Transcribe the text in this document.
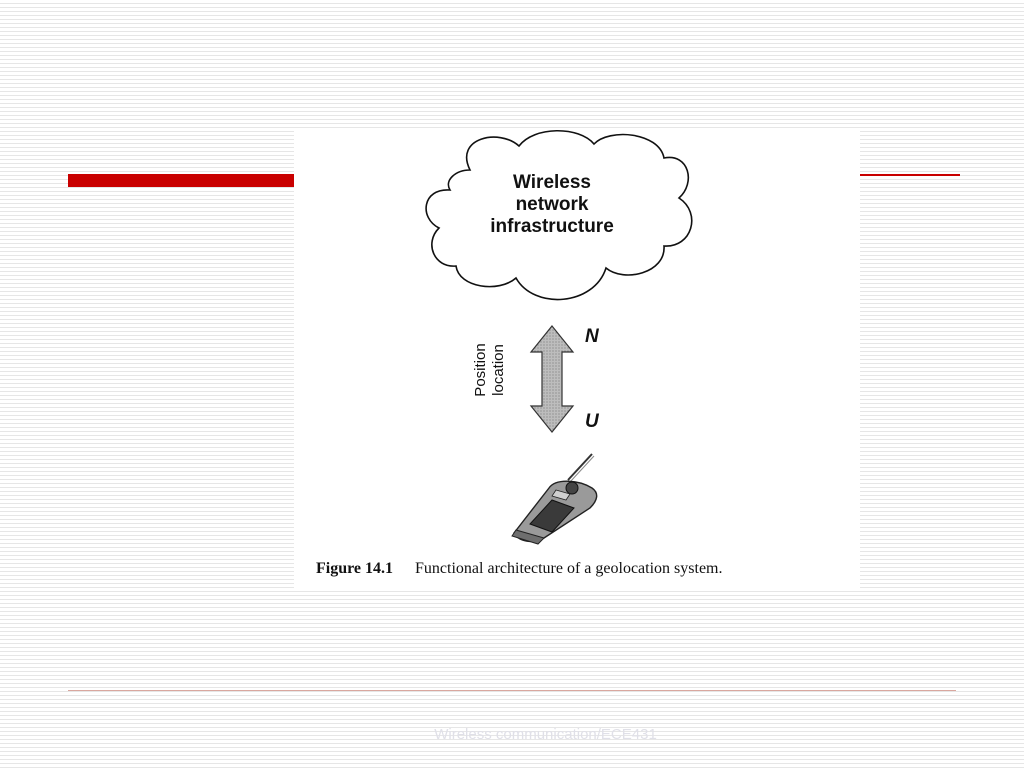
Wireless
network
infrastructure
N
U
Position location
Figure 14.1 Functional architecture of a geolocation system.
Wireless communication/ECE431
